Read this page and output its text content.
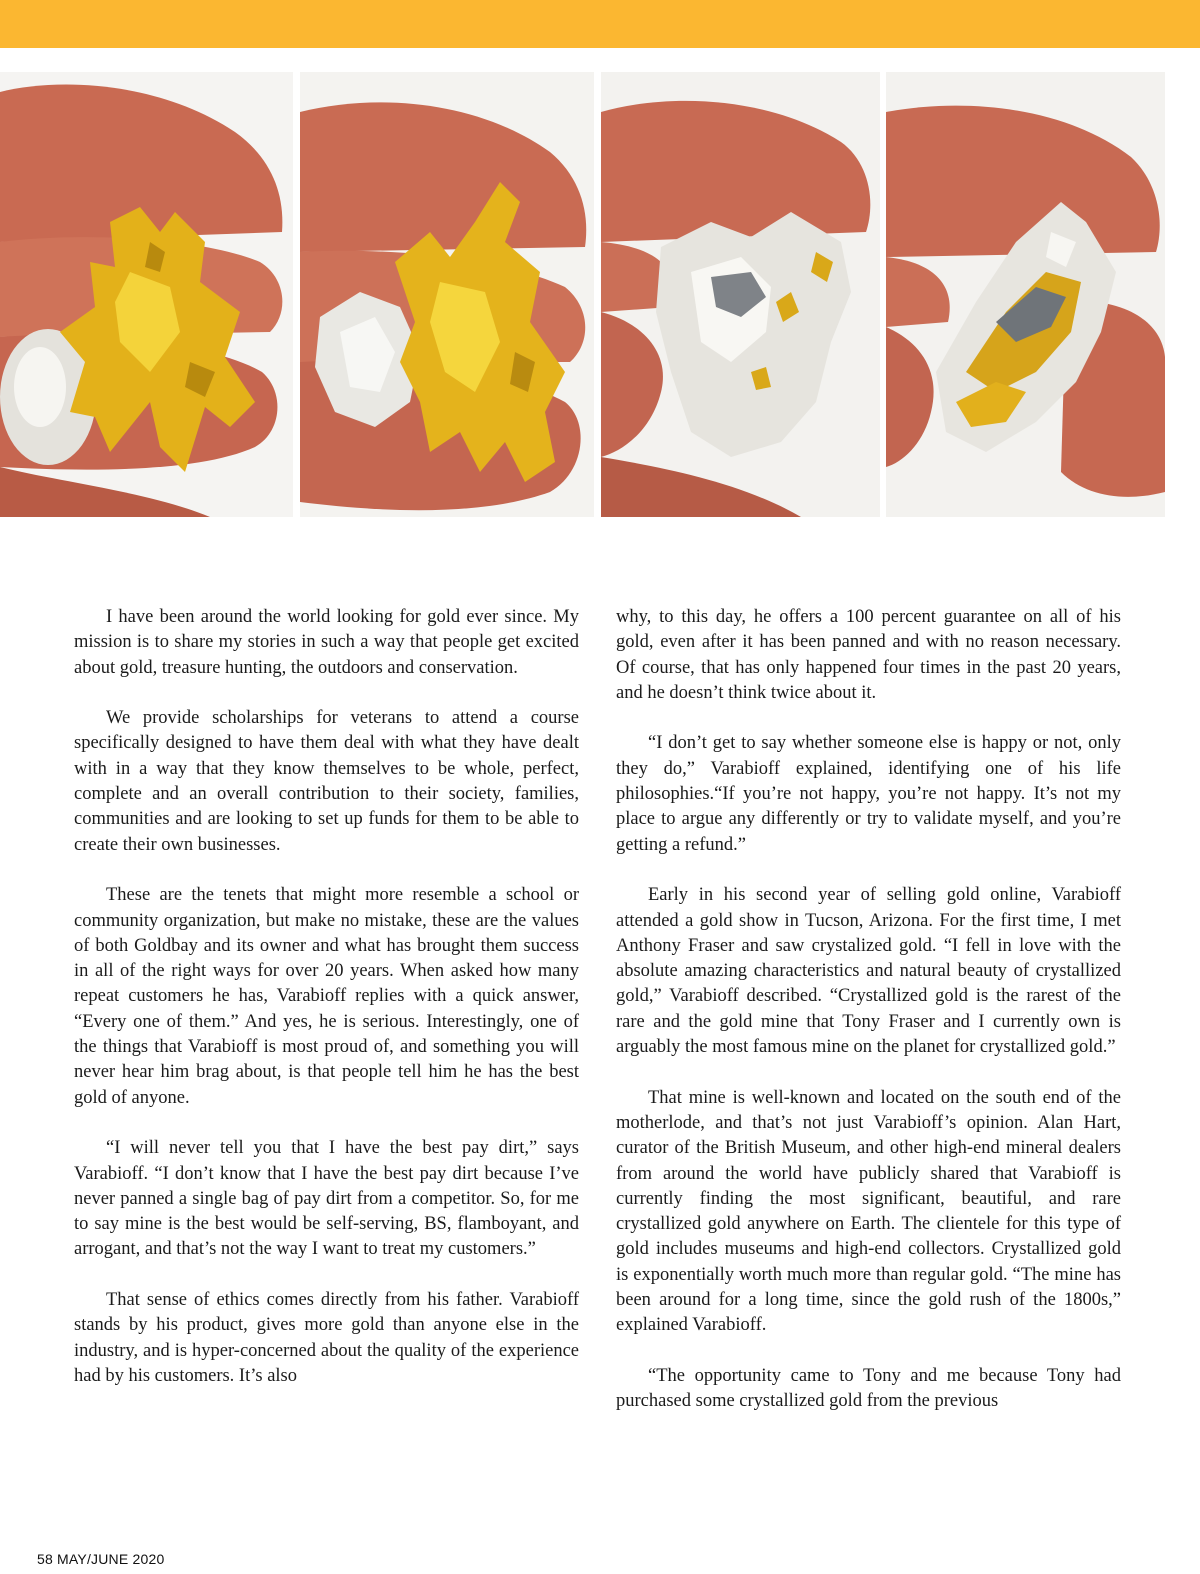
I have been around the world looking for gold ever since. My mission is to share my stories in such a way that people get excited about gold, treasure hunting, the outdoors and conservation.

We provide scholarships for veterans to attend a course specifically designed to have them deal with what they have dealt with in a way that they know themselves to be whole, perfect, complete and an overall contribution to their society, families, communities and are looking to set up funds for them to be able to create their own businesses.

These are the tenets that might more resemble a school or community organization, but make no mistake, these are the values of both Goldbay and its owner and what has brought them success in all of the right ways for over 20 years. When asked how many repeat customers he has, Varabioff replies with a quick answer, “Every one of them.” And yes, he is serious. Interestingly, one of the things that Varabioff is most proud of, and something you will never hear him brag about, is that people tell him he has the best gold of anyone.

“I will never tell you that I have the best pay dirt,” says Varabioff. “I don’t know that I have the best pay dirt because I’ve never panned a single bag of pay dirt from a competitor. So, for me to say mine is the best would be self-serving, BS, flamboyant, and arrogant, and that’s not the way I want to treat my customers.”

That sense of ethics comes directly from his father. Varabioff stands by his product, gives more gold than anyone else in the industry, and is hyper-concerned about the quality of the experience had by his customers. It’s also

why, to this day, he offers a 100 percent guarantee on all of his gold, even after it has been panned and with no reason necessary. Of course, that has only happened four times in the past 20 years, and he doesn’t think twice about it.

“I don’t get to say whether someone else is happy or not, only they do,” Varabioff explained, identifying one of his life philosophies.“If you’re not happy, you’re not happy. It’s not my place to argue any differently or try to validate myself, and you’re getting a refund.”

Early in his second year of selling gold online, Varabioff attended a gold show in Tucson, Arizona. For the first time, I met Anthony Fraser and saw crystalized gold. “I fell in love with the absolute amazing characteristics and natural beauty of crystallized gold,” Varabioff described. “Crystallized gold is the rarest of the rare and the gold mine that Tony Fraser and I currently own is arguably the most famous mine on the planet for crystallized gold.”

That mine is well-known and located on the south end of the motherlode, and that’s not just Varabioff’s opinion. Alan Hart, curator of the British Museum, and other high-end mineral dealers from around the world have publicly shared that Varabioff is currently finding the most significant, beautiful, and rare crystallized gold anywhere on Earth. The clientele for this type of gold includes museums and high-end collectors. Crystallized gold is exponentially worth much more than regular gold. “The mine has been around for a long time, since the gold rush of the 1800s,” explained Varabioff.

“The opportunity came to Tony and me because Tony had purchased some crystallized gold from the previous

58 MAY/JUNE 2020
